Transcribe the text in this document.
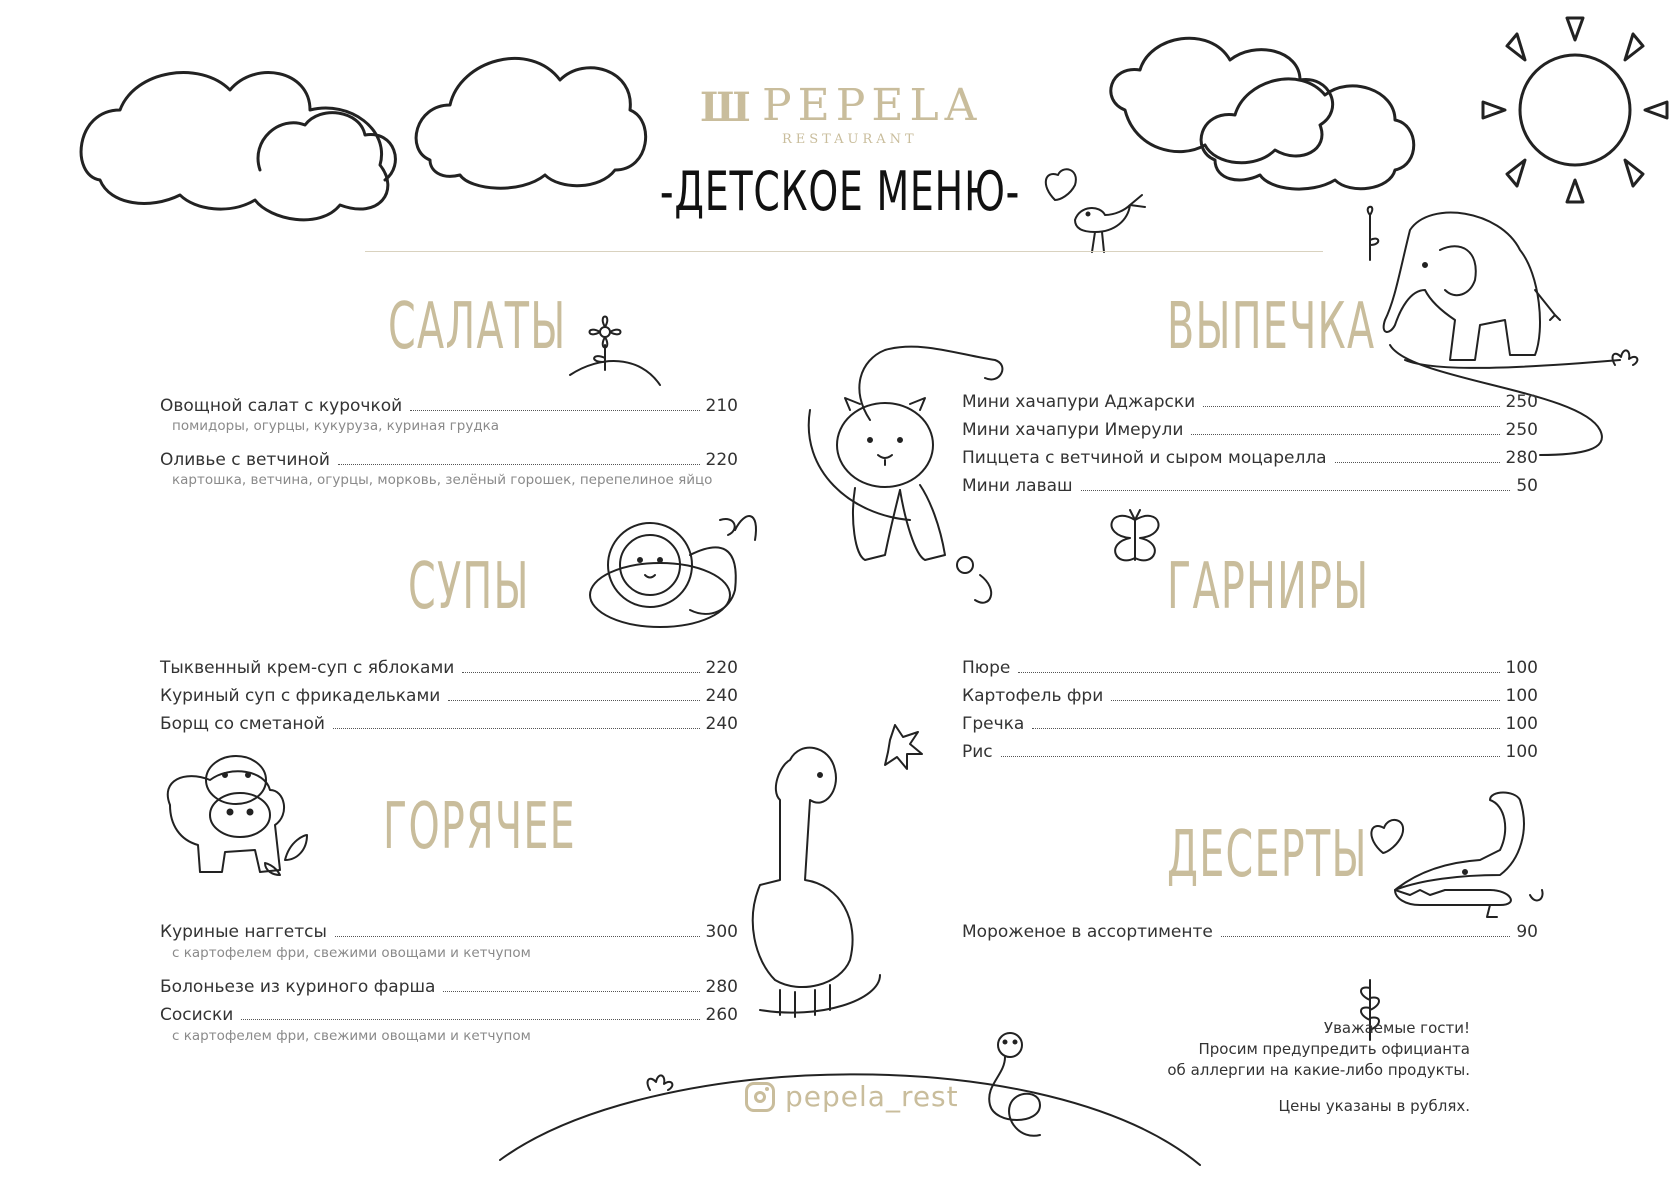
Ш PEPELA
RESTAURANT
-ДЕТСКОЕ МЕНЮ-
САЛАТЫ
Овощной салат с курочкой	210
помидоры, огурцы, кукуруза, куриная грудка
Оливье с ветчиной	220
картошка, ветчина, огурцы, морковь, зелёный горошек, перепелиное яйцо
СУПЫ
Тыквенный крем-суп с яблоками	220
Куриный суп с фрикадельками	240
Борщ со сметаной	240
ГОРЯЧЕЕ
Куриные наггетсы	300
с картофелем фри, свежими овощами и кетчупом
Болоньезе из куриного фарша	280
Сосиски	260
с картофелем фри, свежими овощами и кетчупом
ВЫПЕЧКА
Мини хачапури Аджарски	250
Мини хачапури Имерули	250
Пиццета с ветчиной и сыром моцарелла	280
Мини лаваш	50
ГАРНИРЫ
Пюре	100
Картофель фри	100
Гречка	100
Рис	100
ДЕСЕРТЫ
Мороженое в ассортименте	90
pepela_rest
Уважаемые гости!
Просим предупредить официанта
об аллергии на какие-либо продукты.
Цены указаны в рублях.
